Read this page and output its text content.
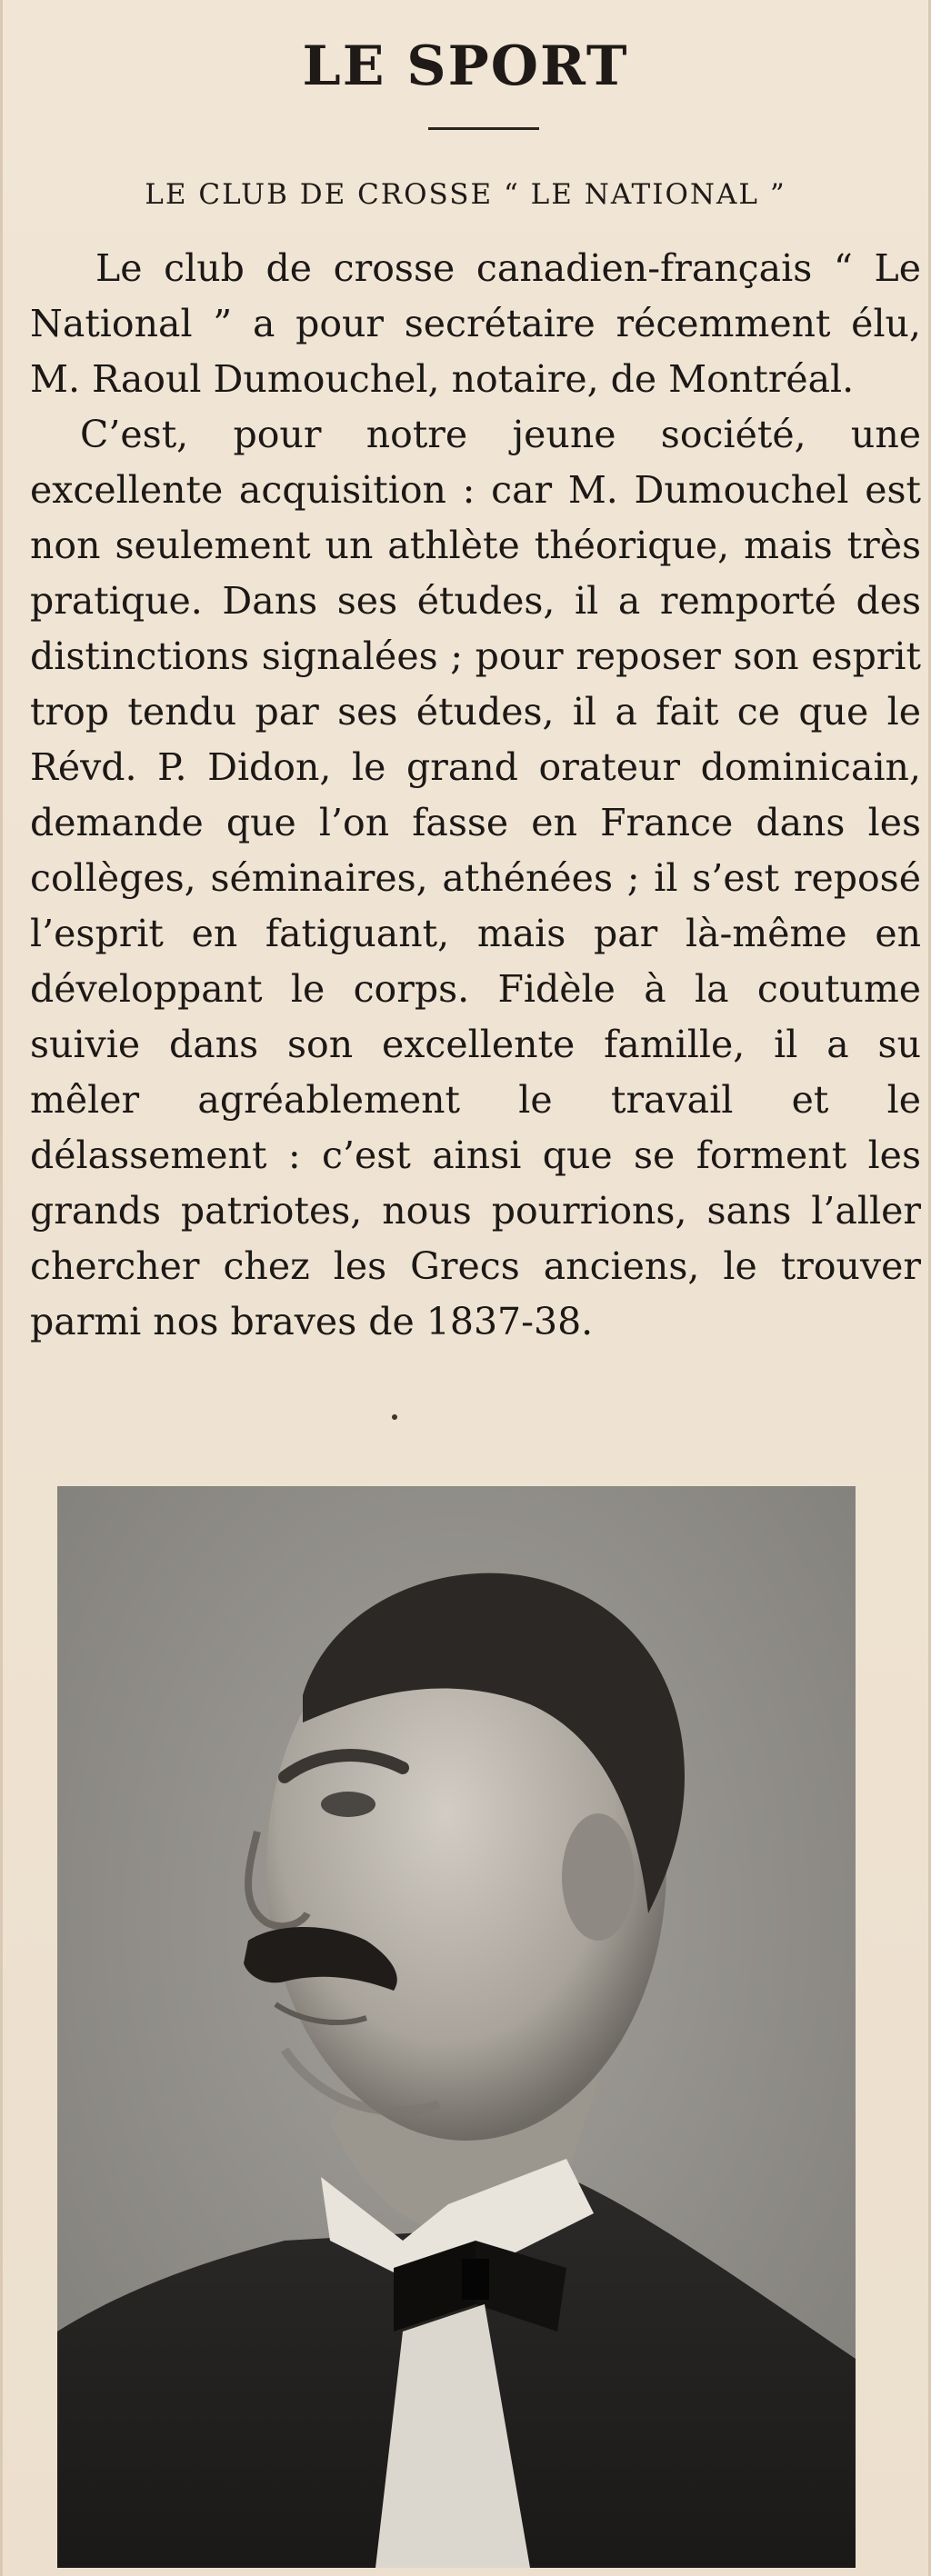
LE SPORT
LE CLUB DE CROSSE “ LE NATIONAL ”

Le club de crosse canadien-français “ Le National ” a pour secrétaire récemment élu, M. Raoul Dumouchel, notaire, de Montréal.

C’est, pour notre jeune société, une excellente acquisition : car M. Dumouchel est non seulement un athlète théorique, mais très pratique. Dans ses études, il a remporté des distinctions signalées ; pour reposer son esprit trop tendu par ses études, il a fait ce que le Révd. P. Didon, le grand orateur dominicain, demande que l’on fasse en France dans les collèges, séminaires, athénées ; il s’est reposé l’esprit en fatiguant, mais par là-même en développant le corps. Fidèle à la coutume suivie dans son excellente famille, il a su mêler agréablement le travail et le délassement : c’est ainsi que se forment les grands patriotes, nous pourrions, sans l’aller chercher chez les Grecs anciens, le trouver parmi nos braves de 1837-38.
